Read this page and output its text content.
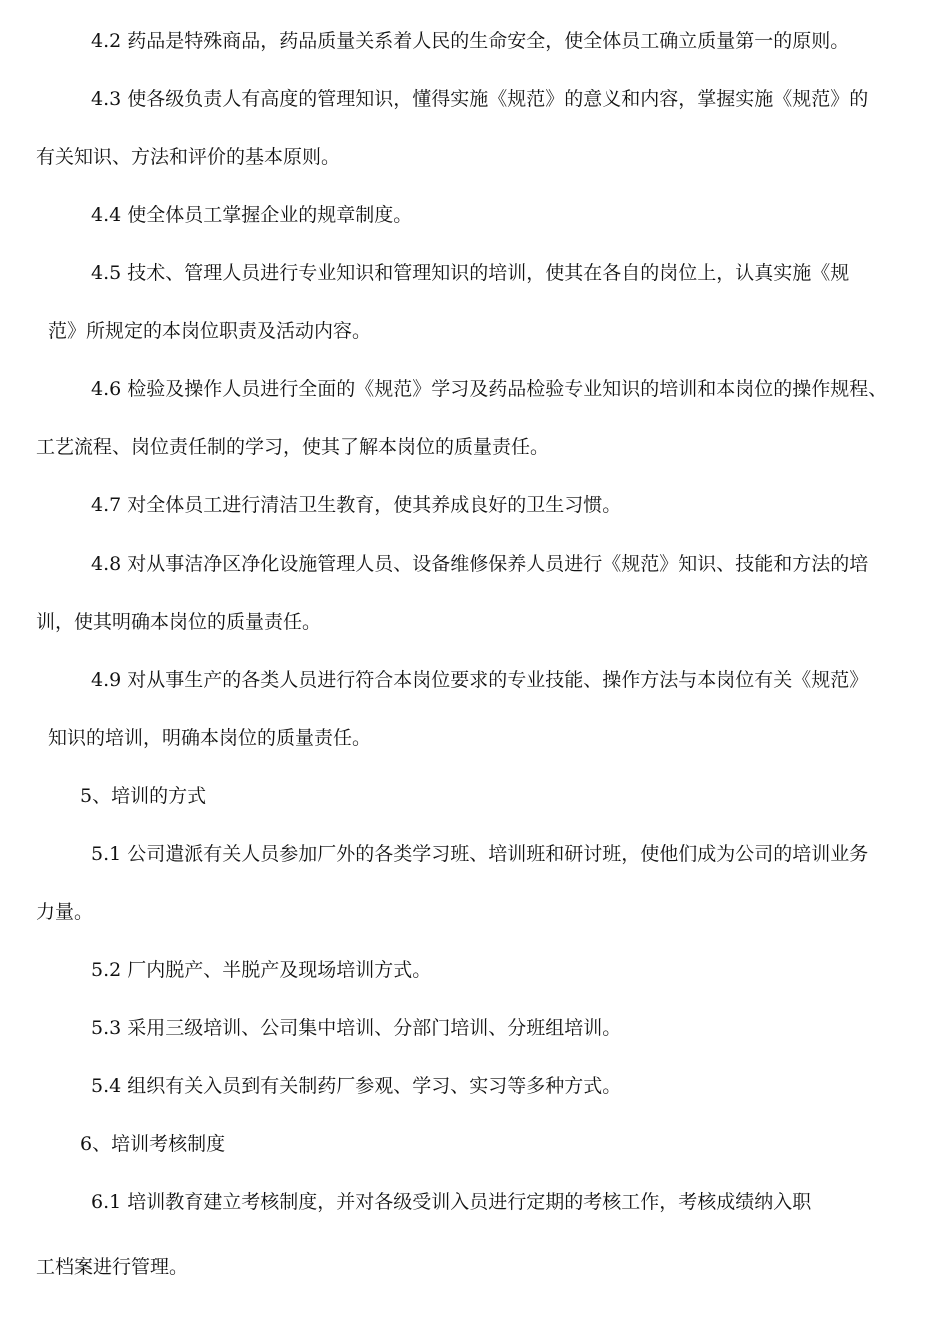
4.2 药品是特殊商品，药品质量关系着人民的生命安全，使全体员工确立质量第一的原则。
4.3 使各级负责人有高度的管理知识，懂得实施《规范》的意义和内容，掌握实施《规范》的
有关知识、方法和评价的基本原则。
4.4 使全体员工掌握企业的规章制度。
4.5 技术、管理人员进行专业知识和管理知识的培训，使其在各自的岗位上，认真实施《规
范》所规定的本岗位职责及活动内容。
4.6 检验及操作人员进行全面的《规范》学习及药品检验专业知识的培训和本岗位的操作规程、
工艺流程、岗位责任制的学习，使其了解本岗位的质量责任。
4.7 对全体员工进行清洁卫生教育，使其养成良好的卫生习惯。
4.8 对从事洁净区净化设施管理人员、设备维修保养人员进行《规范》知识、技能和方法的培
训，使其明确本岗位的质量责任。
4.9 对从事生产的各类人员进行符合本岗位要求的专业技能、操作方法与本岗位有关《规范》
知识的培训，明确本岗位的质量责任。
5、培训的方式
5.1 公司遣派有关人员参加厂外的各类学习班、培训班和研讨班，使他们成为公司的培训业务
力量。
5.2 厂内脱产、半脱产及现场培训方式。
5.3 采用三级培训、公司集中培训、分部门培训、分班组培训。
5.4 组织有关入员到有关制药厂参观、学习、实习等多种方式。
6、培训考核制度
6.1 培训教育建立考核制度，并对各级受训入员进行定期的考核工作，考核成绩纳入职
工档案进行管理。
